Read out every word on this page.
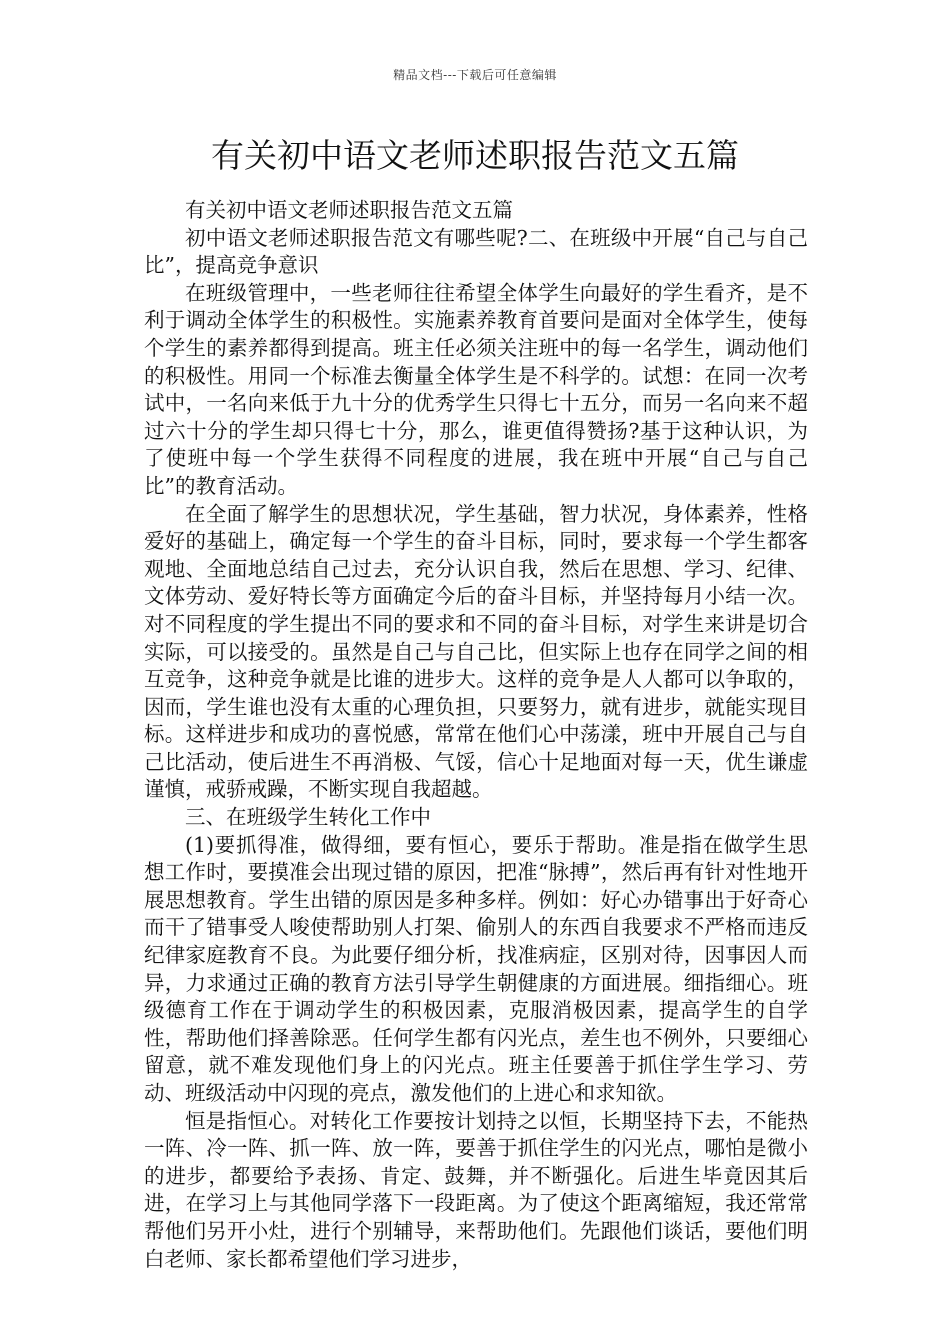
精品文档---下载后可任意编辑
有关初中语文老师述职报告范文五篇

有关初中语文老师述职报告范文五篇

初中语文老师述职报告范文有哪些呢?二、在班级中开展“自己与自己比”，提高竞争意识

在班级管理中，一些老师往往希望全体学生向最好的学生看齐，是不利于调动全体学生的积极性。实施素养教育首要问是面对全体学生，使每个学生的素养都得到提高。班主任必须关注班中的每一名学生，调动他们的积极性。用同一个标准去衡量全体学生是不科学的。试想：在同一次考试中，一名向来低于九十分的优秀学生只得七十五分，而另一名向来不超过六十分的学生却只得七十分，那么，谁更值得赞扬?基于这种认识，为了使班中每一个学生获得不同程度的进展，我在班中开展“自己与自己比”的教育活动。

在全面了解学生的思想状况，学生基础，智力状况，身体素养，性格爱好的基础上，确定每一个学生的奋斗目标，同时，要求每一个学生都客观地、全面地总结自己过去，充分认识自我，然后在思想、学习、纪律、文体劳动、爱好特长等方面确定今后的奋斗目标，并坚持每月小结一次。对不同程度的学生提出不同的要求和不同的奋斗目标，对学生来讲是切合实际，可以接受的。虽然是自己与自己比，但实际上也存在同学之间的相互竞争，这种竞争就是比谁的进步大。这样的竞争是人人都可以争取的，因而，学生谁也没有太重的心理负担，只要努力，就有进步，就能实现目标。这样进步和成功的喜悦感，常常在他们心中荡漾，班中开展自己与自己比活动，使后进生不再消极、气馁，信心十足地面对每一天，优生谦虚谨慎，戒骄戒躁，不断实现自我超越。

三、在班级学生转化工作中

(1)要抓得准，做得细，要有恒心，要乐于帮助。准是指在做学生思想工作时，要摸准会出现过错的原因，把准“脉搏”，然后再有针对性地开展思想教育。学生出错的原因是多种多样。例如：好心办错事出于好奇心而干了错事受人唆使帮助别人打架、偷别人的东西自我要求不严格而违反纪律家庭教育不良。为此要仔细分析，找准病症，区别对待，因事因人而异，力求通过正确的教育方法引导学生朝健康的方面进展。细指细心。班级德育工作在于调动学生的积极因素，克服消极因素，提高学生的自学性，帮助他们择善除恶。任何学生都有闪光点，差生也不例外，只要细心留意，就不难发现他们身上的闪光点。班主任要善于抓住学生学习、劳动、班级活动中闪现的亮点，激发他们的上进心和求知欲。

恒是指恒心。对转化工作要按计划持之以恒，长期坚持下去，不能热一阵、冷一阵、抓一阵、放一阵，要善于抓住学生的闪光点，哪怕是微小的进步，都要给予表扬、肯定、鼓舞，并不断强化。后进生毕竟因其后进，在学习上与其他同学落下一段距离。为了使这个距离缩短，我还常常帮他们另开小灶，进行个别辅导，来帮助他们。先跟他们谈话，要他们明白老师、家长都希望他们学习进步，
